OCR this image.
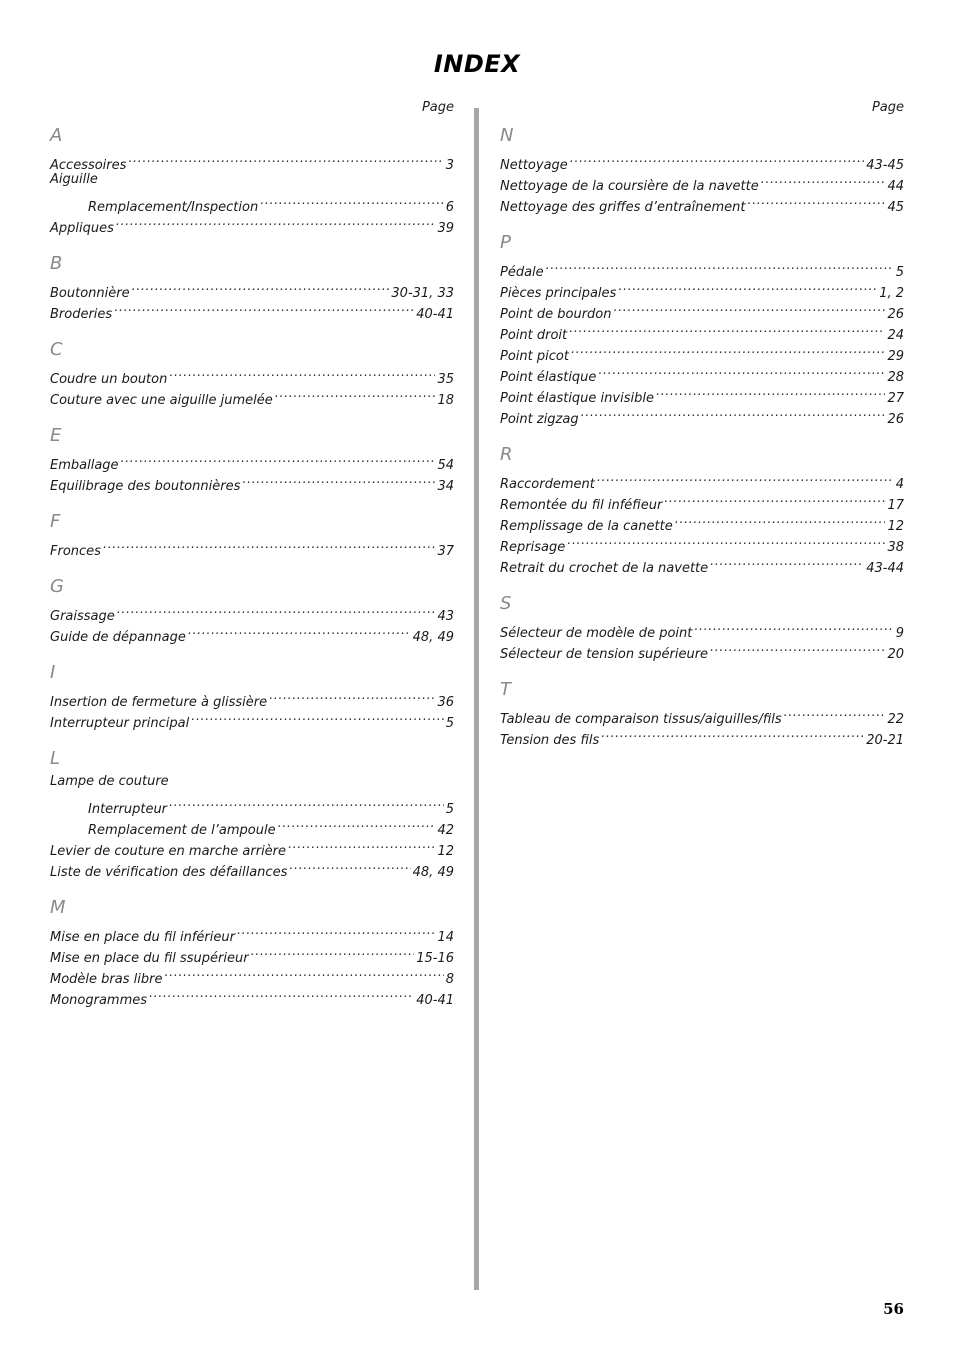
INDEX
Page
A
Accessoires .....	3
Aiguille
Remplacement/Inspection .....	6
Appliques .....	39
B
Boutonnière .....	30-31, 33
Broderies .....	40-41
C
Coudre un bouton .....	35
Couture avec une aiguille jumelée .....	18
E
Emballage .....	54
Equilibrage des boutonnières .....	34
F
Fronces .....	37
G
Graissage .....	43
Guide de dépannage .....	48, 49
I
Insertion de fermeture à glissière .....	36
Interrupteur principal .....	5
L
Lampe de couture
Interrupteur .....	5
Remplacement de l’ampoule .....	42
Levier de couture en marche arrière .....	12
Liste de vérification des défaillances .....	48, 49
M
Mise en place du fil inférieur .....	14
Mise en place du fil ssupérieur .....	15-16
Modèle bras libre .....	8
Monogrammes .....	40-41
Page
N
Nettoyage .....	43-45
Nettoyage de la coursière de la navette .....	44
Nettoyage des griffes d’entraînement .....	45
P
Pédale .....	5
Pièces principales .....	1, 2
Point de bourdon .....	26
Point droit .....	24
Point picot .....	29
Point élastique .....	28
Point élastique invisible .....	27
Point zigzag .....	26
R
Raccordement .....	4
Remontée du fil inféfieur .....	17
Remplissage de la canette .....	12
Reprisage .....	38
Retrait du crochet de la navette .....	43-44
S
Sélecteur de modèle de point .....	9
Sélecteur de tension supérieure .....	20
T
Tableau de comparaison tissus/aiguilles/fils .....	22
Tension des fils .....	20-21
56
